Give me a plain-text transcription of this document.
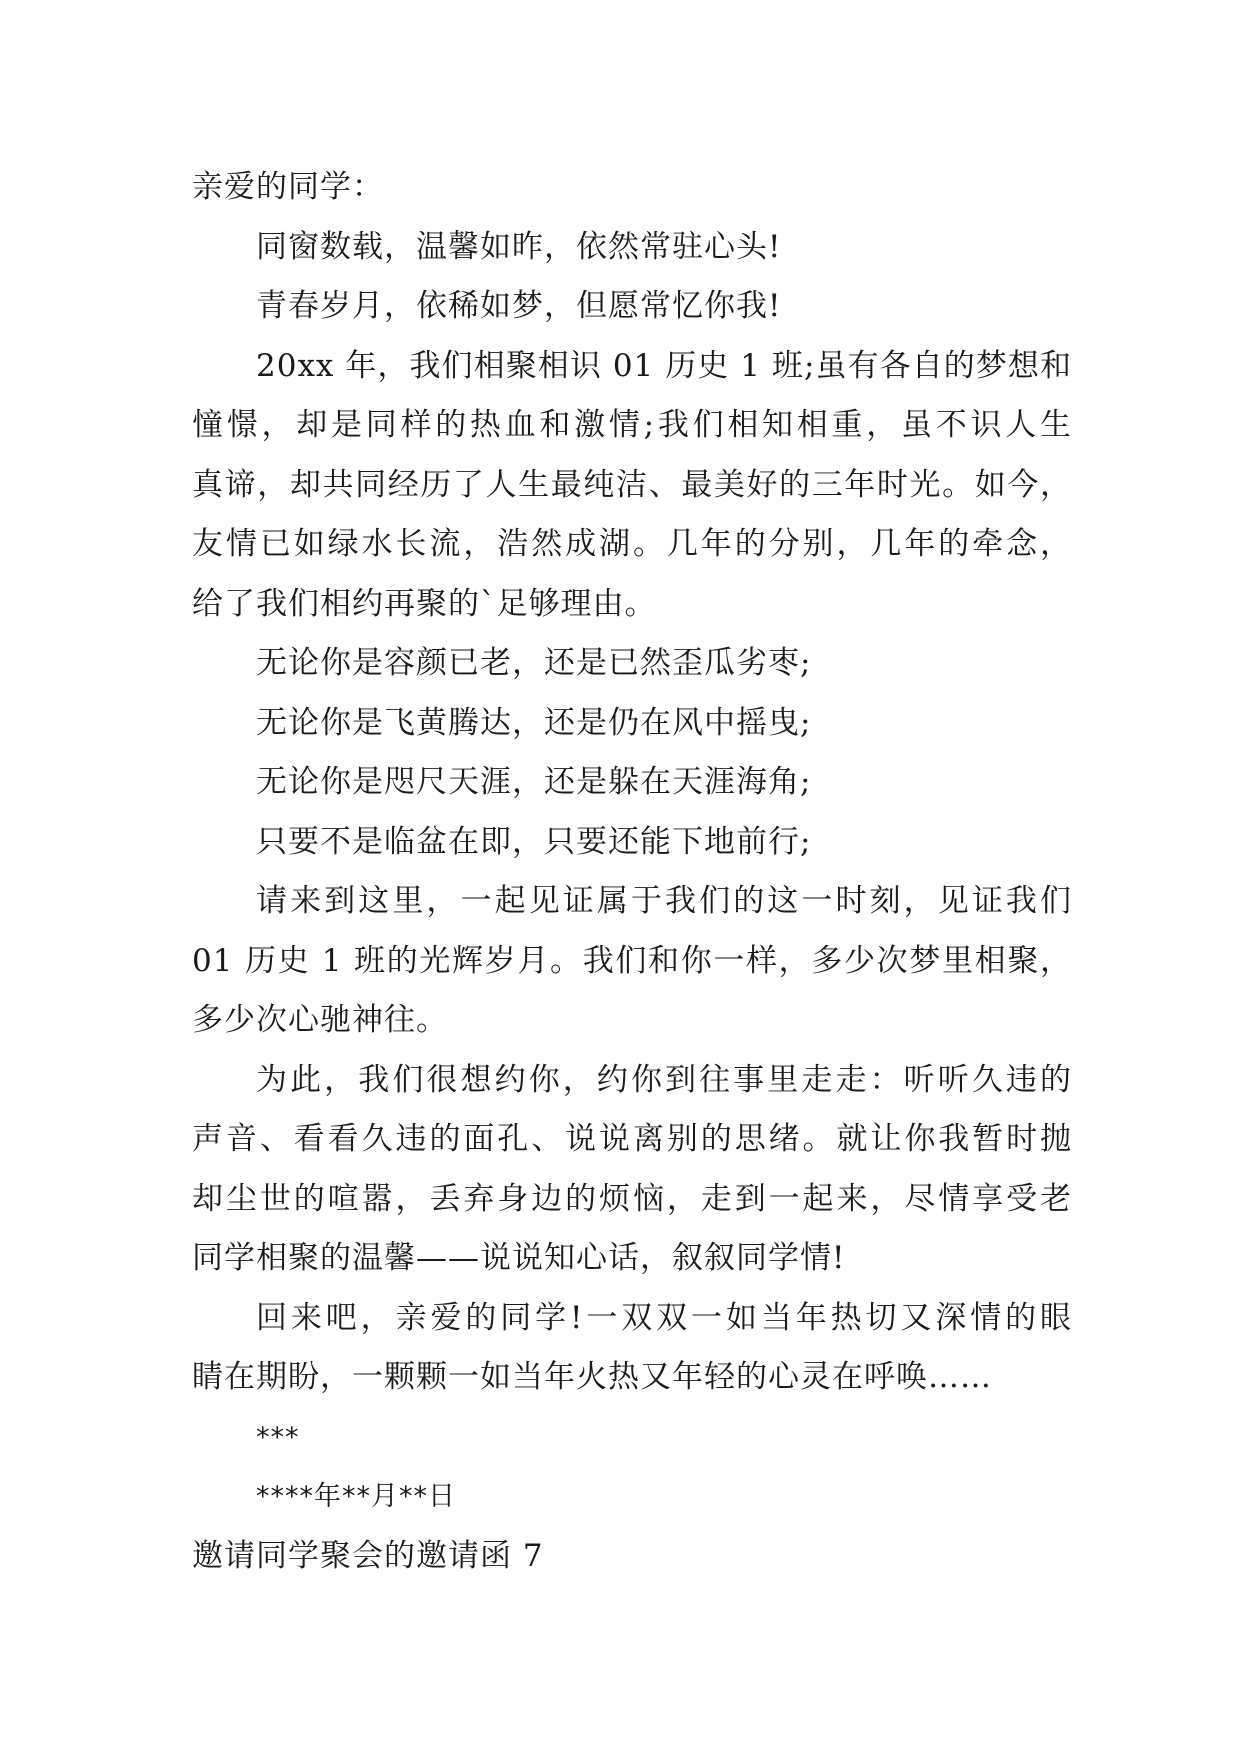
亲爱的同学：
同窗数载，温馨如昨，依然常驻心头!
青春岁月，依稀如梦，但愿常忆你我!
20xx 年，我们相聚相识 01 历史 1 班;虽有各自的梦想和
憧憬，却是同样的热血和激情;我们相知相重，虽不识人生
真谛，却共同经历了人生最纯洁、最美好的三年时光。如今，
友情已如绿水长流，浩然成湖。几年的分别，几年的牵念，
给了我们相约再聚的`足够理由。
无论你是容颜已老，还是已然歪瓜劣枣;
无论你是飞黄腾达，还是仍在风中摇曳;
无论你是咫尺天涯，还是躲在天涯海角;
只要不是临盆在即，只要还能下地前行;
请来到这里，一起见证属于我们的这一时刻，见证我们
01 历史 1 班的光辉岁月。我们和你一样，多少次梦里相聚，
多少次心驰神往。
为此，我们很想约你，约你到往事里走走：听听久违的
声音、看看久违的面孔、说说离别的思绪。就让你我暂时抛
却尘世的喧嚣，丢弃身边的烦恼，走到一起来，尽情享受老
同学相聚的温馨——说说知心话，叙叙同学情!
回来吧，亲爱的同学!一双双一如当年热切又深情的眼
睛在期盼，一颗颗一如当年火热又年轻的心灵在呼唤……
***
****年**月**日
邀请同学聚会的邀请函 7
